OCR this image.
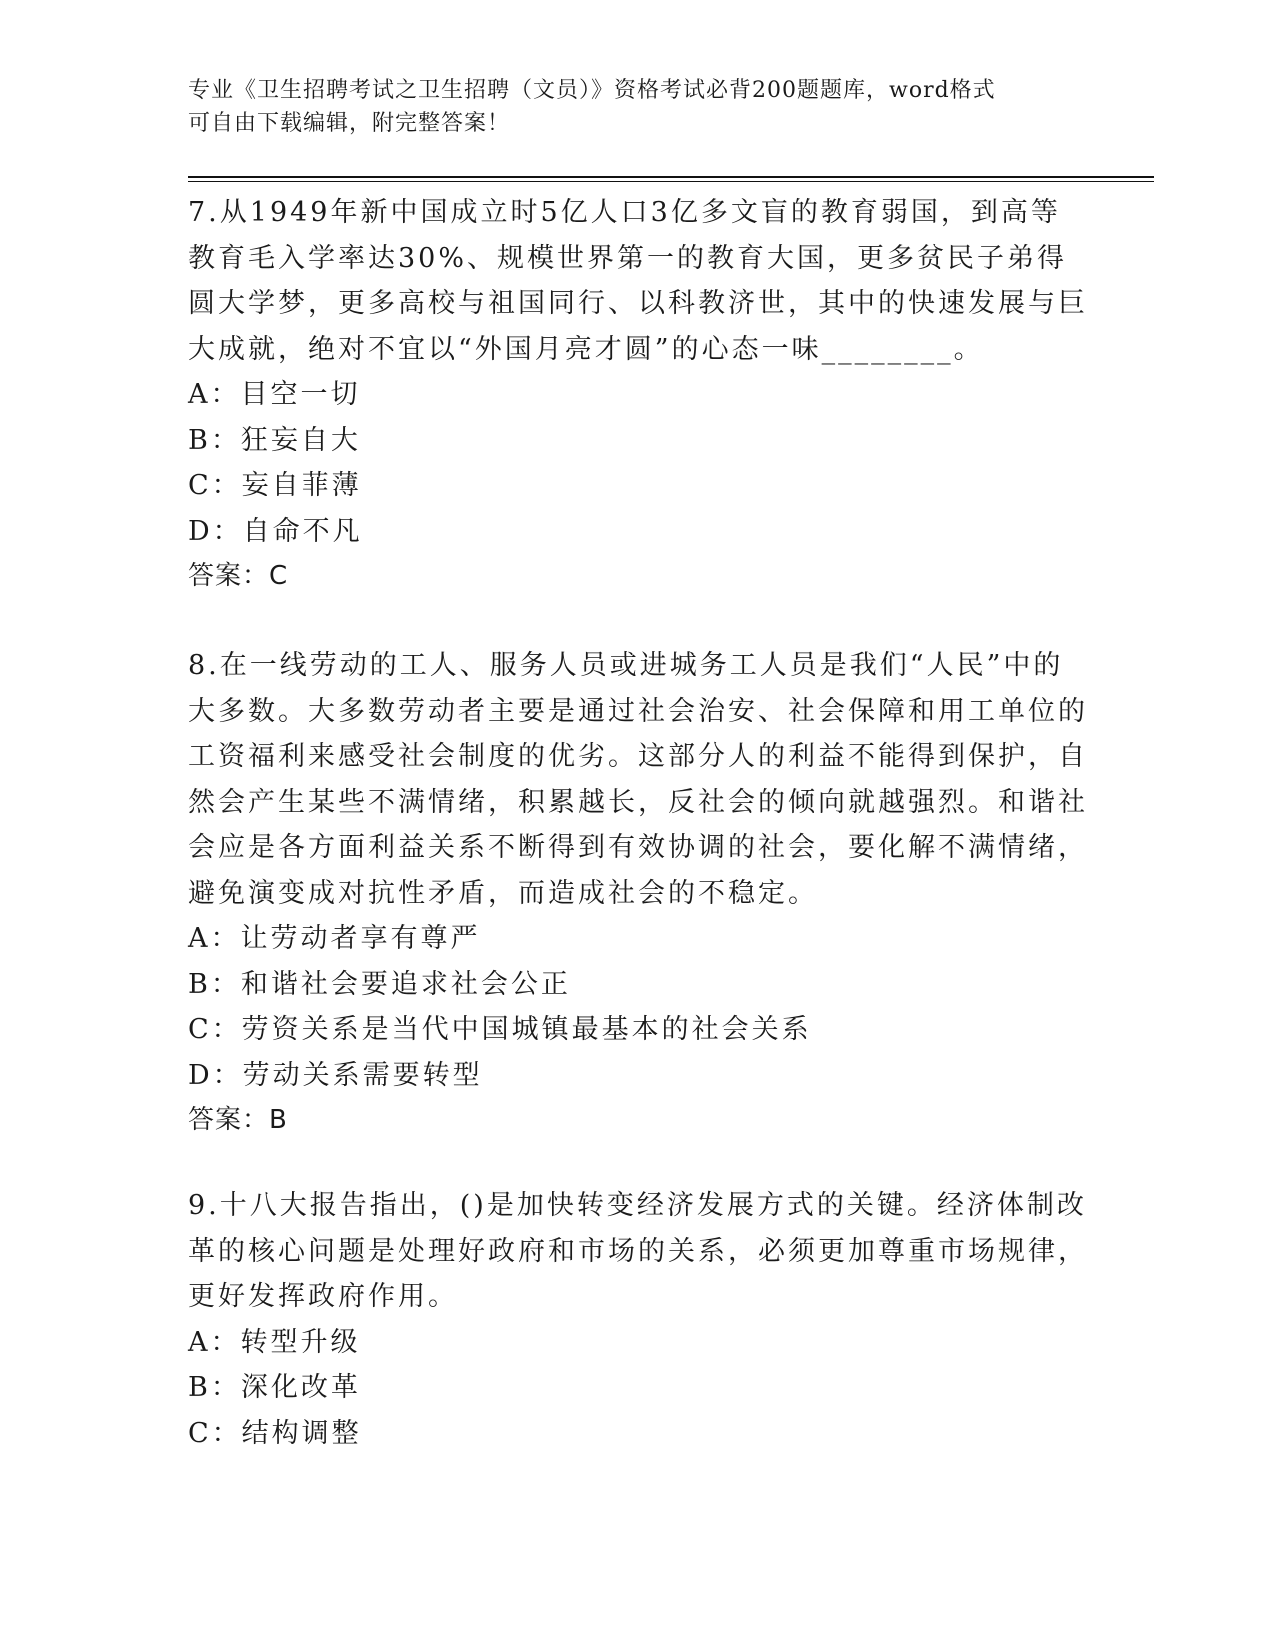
专业《卫生招聘考试之卫生招聘（文员）》资格考试必背200题题库，word格式
可自由下载编辑，附完整答案！

7.从1949年新中国成立时5亿人口3亿多文盲的教育弱国，到高等教育毛入学率达30%、规模世界第一的教育大国，更多贫民子弟得圆大学梦，更多高校与祖国同行、以科教济世，其中的快速发展与巨大成就，绝对不宜以“外国月亮才圆”的心态一味________。

A：目空一切

B：狂妄自大

C：妄自菲薄

D：自命不凡

答案：C

8.在一线劳动的工人、服务人员或进城务工人员是我们“人民”中的大多数。大多数劳动者主要是通过社会治安、社会保障和用工单位的工资福利来感受社会制度的优劣。这部分人的利益不能得到保护，自然会产生某些不满情绪，积累越长，反社会的倾向就越强烈。和谐社会应是各方面利益关系不断得到有效协调的社会，要化解不满情绪，避免演变成对抗性矛盾，而造成社会的不稳定。

A：让劳动者享有尊严

B：和谐社会要追求社会公正

C：劳资关系是当代中国城镇最基本的社会关系

D：劳动关系需要转型

答案：B

9.十八大报告指出，()是加快转变经济发展方式的关键。经济体制改革的核心问题是处理好政府和市场的关系，必须更加尊重市场规律，更好发挥政府作用。

A：转型升级

B：深化改革

C：结构调整
